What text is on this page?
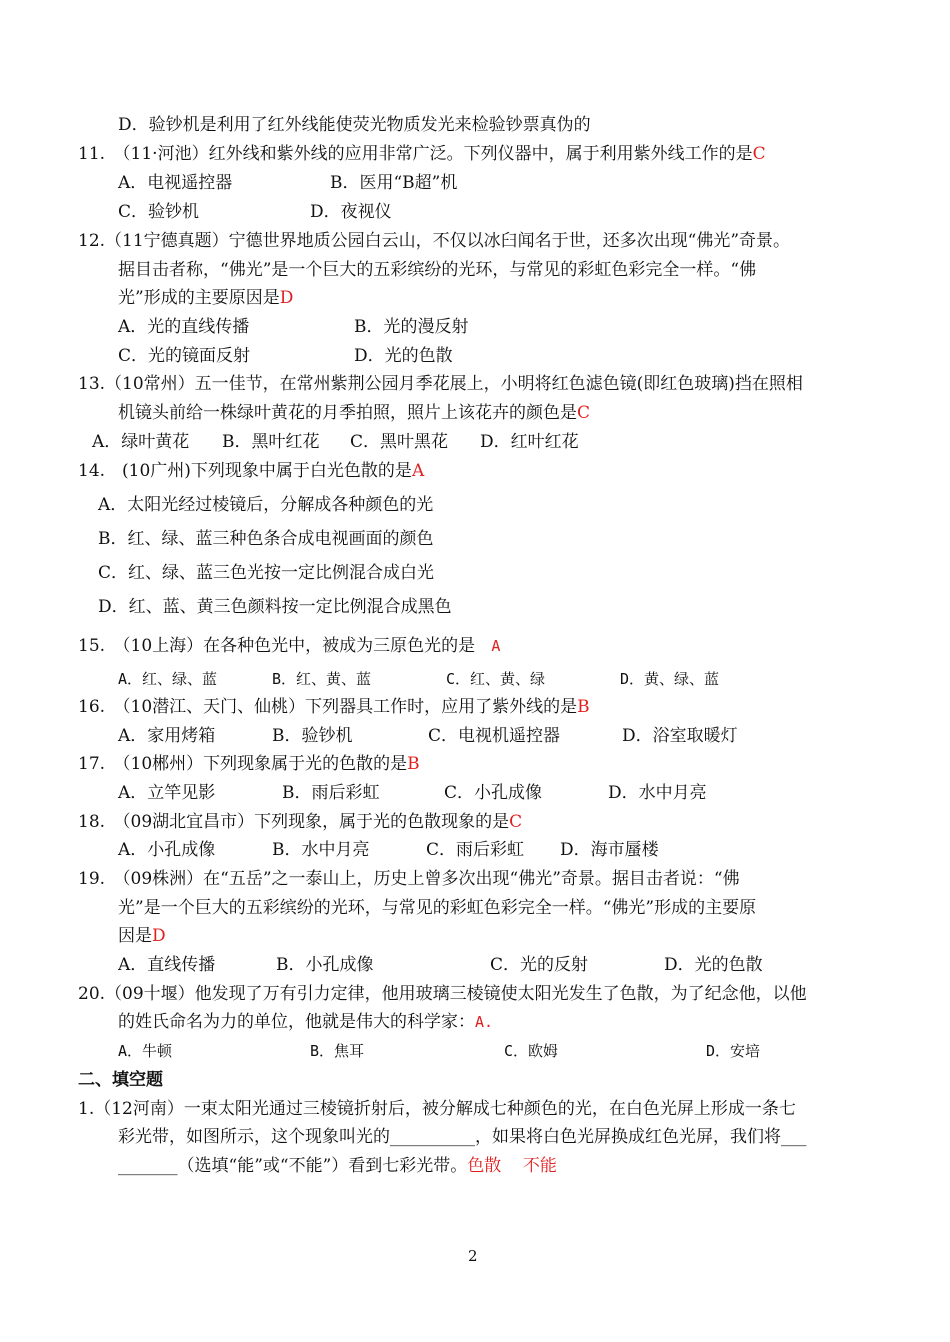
D．验钞机是利用了红外线能使荧光物质发光来检验钞票真伪的
11.　（11·河池）红外线和紫外线的应用非常广泛。下列仪器中，属于利用紫外线工作的是C
A．电视遥控器	B．医用“B超”机
C．验钞机	D．夜视仪
12.（11宁德真题）宁德世界地质公园白云山，不仅以冰臼闻名于世，还多次出现“佛光”奇景。
据目击者称，“佛光”是一个巨大的五彩缤纷的光环，与常见的彩虹色彩完全一样。“佛
光”形成的主要原因是D
A．光的直线传播	B．光的漫反射
C．光的镜面反射	D．光的色散
13.（10常州）五一佳节，在常州紫荆公园月季花展上，小明将红色滤色镜(即红色玻璃)挡在照相
机镜头前给一株绿叶黄花的月季拍照，照片上该花卉的颜色是C
A．绿叶黄花 B．黑叶红花 C．黑叶黑花 D．红叶红花
14.　(10广州)下列现象中属于白光色散的是A
A．太阳光经过棱镜后，分解成各种颜色的光
B．红、绿、蓝三种色条合成电视画面的颜色
C．红、绿、蓝三色光按一定比例混合成白光
D．红、蓝、黄三色颜料按一定比例混合成黑色
15.　（10上海）在各种色光中，被成为三原色光的是 A
A．红、绿、蓝	B．红、黄、蓝	C．红、黄、绿	D．黄、绿、蓝
16.　（10潜江、天门、仙桃）下列器具工作时，应用了紫外线的是B
A．家用烤箱	B．验钞机	C．电视机遥控器	D．浴室取暖灯
17.　（10郴州）下列现象属于光的色散的是B
A．立竿见影	B．雨后彩虹	C．小孔成像	D．水中月亮
18.　（09湖北宜昌市）下列现象，属于光的色散现象的是C
A．小孔成像	B．水中月亮	C．雨后彩虹 D．海市蜃楼
19.　（09株洲）在“五岳”之一泰山上，历史上曾多次出现“佛光”奇景。据目击者说：“佛
光”是一个巨大的五彩缤纷的光环，与常见的彩虹色彩完全一样。“佛光”形成的主要原
因是D
A．直线传播	B．小孔成像	C．光的反射	D．光的色散
20.（09十堰）他发现了万有引力定律，他用玻璃三棱镜使太阳光发生了色散，为了纪念他，以他
的姓氏命名为力的单位，他就是伟大的科学家：A.
A．牛顿	B．焦耳	C．欧姆	D．安培
二、填空题
1.（12河南）一束太阳光通过三棱镜折射后，被分解成七种颜色的光，在白色光屏上形成一条七
彩光带，如图所示，这个现象叫光的__________，如果将白色光屏换成红色光屏，我们将___
_______（选填“能”或“不能”）看到七彩光带。色散 不能
2
